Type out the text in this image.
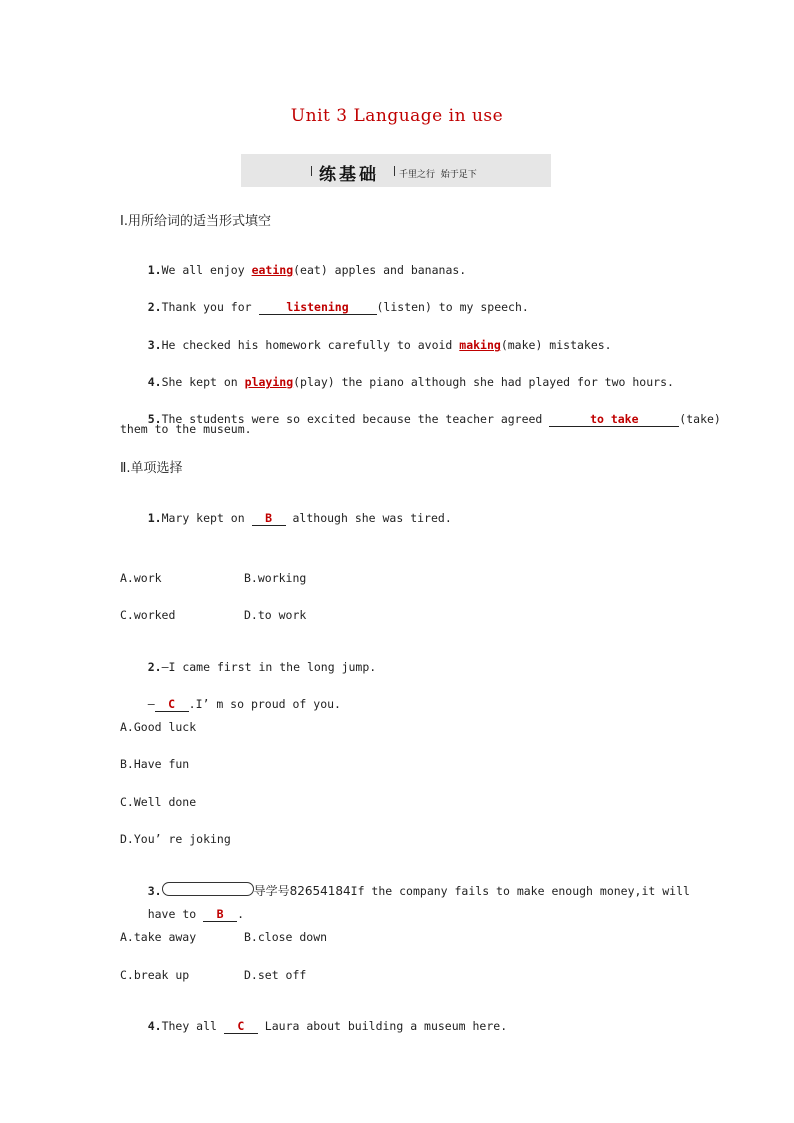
Unit 3 Language in use
练基础 千里之行  始于足下
Ⅰ.用所给词的适当形式填空

1.We all enjoy eating(eat) apples and bananas.

2.Thank you for listening (listen) to my speech.

3.He checked his homework carefully to avoid making(make) mistakes.

4.She kept on playing(play) the piano although she had played for two hours.

5.The students were so excited because the teacher agreed	to take	(take)

them to the museum.
Ⅱ.单项选择

1.Mary kept on B although she was tired.

A.work	B.working
C.worked	D.to work

2.—I came first in the long jump.

— C .I’ m so proud of you.

A.Good luck
B.Have fun
C.Well done
D.You’ re joking

3.	导学号82654184If the company fails to make enough money,it will

have to B .

A.take away	B.close down
C.break up	D.set off

4.They all C Laura about building a museum here.
